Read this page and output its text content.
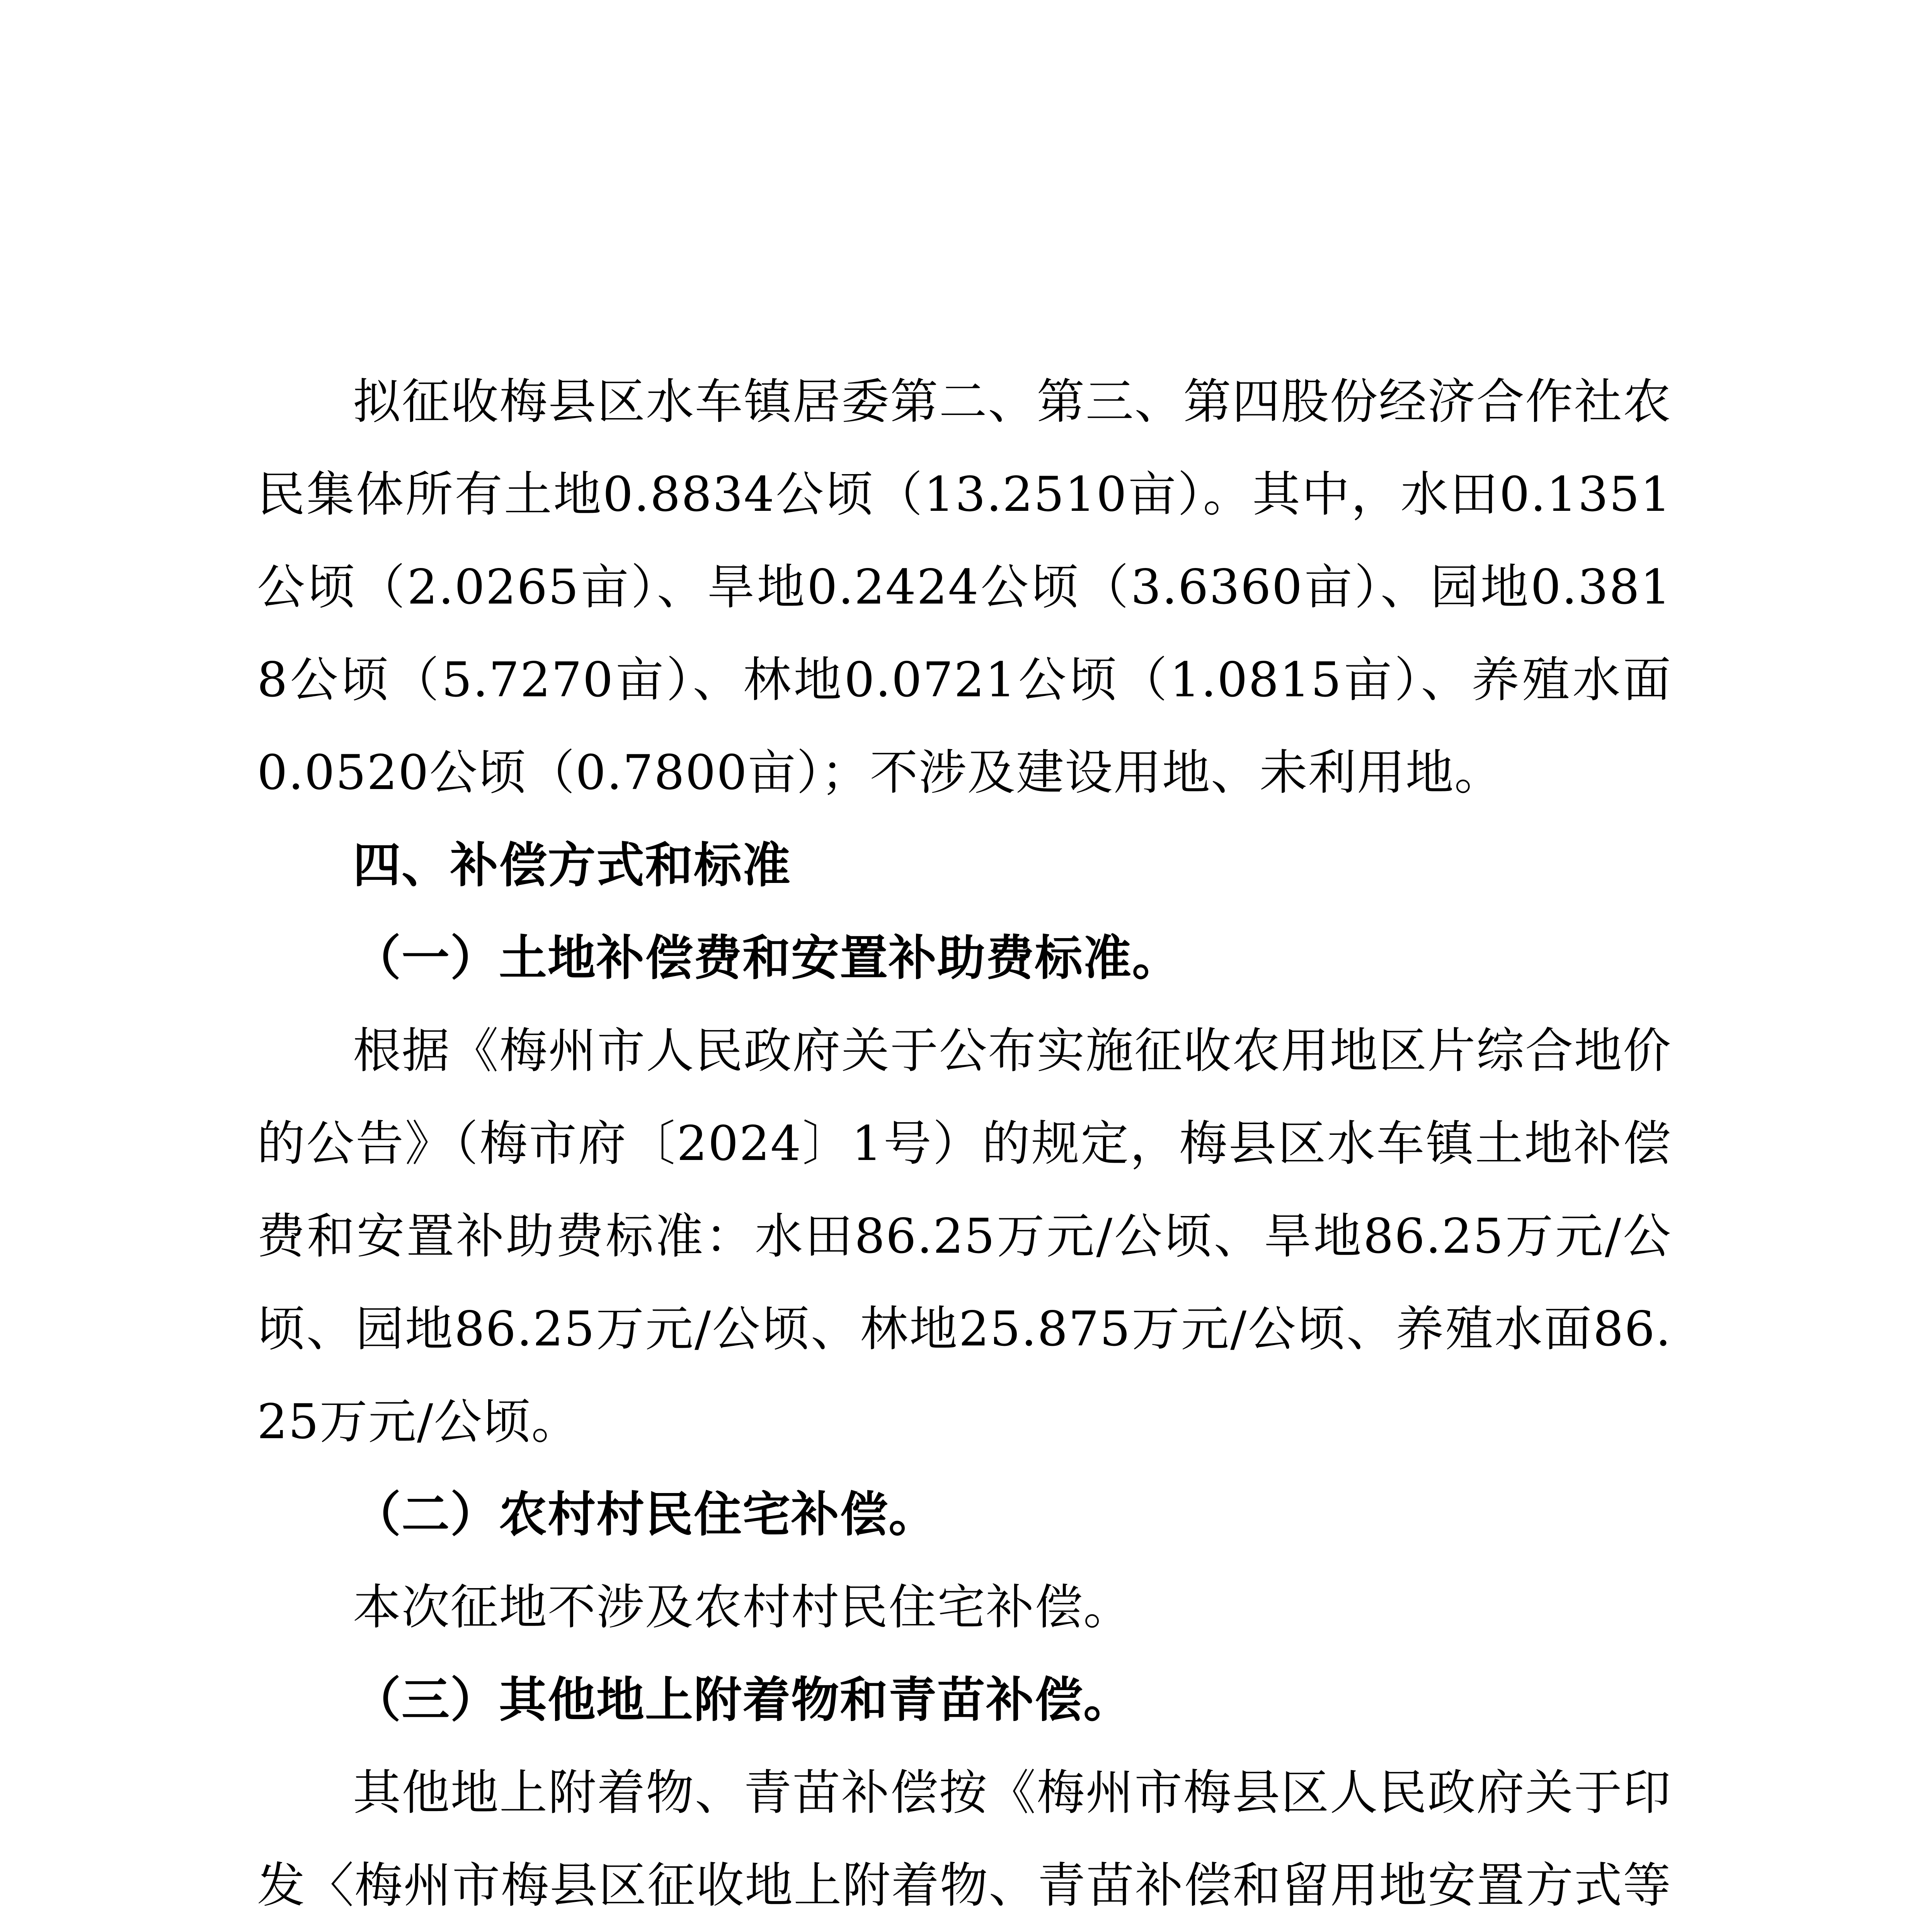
拟征收梅县区水车镇居委第二、第三、第四股份经济合作社农民集体所有土地0.8834公顷（13.2510亩）。其中，水田0.1351公顷（2.0265亩）、旱地0.2424公顷（3.6360亩）、园地0.3818公顷（5.7270亩）、林地0.0721公顷（1.0815亩）、养殖水面0.0520公顷（0.7800亩）；不涉及建设用地、未利用地。

四、补偿方式和标准

（一）土地补偿费和安置补助费标准。

根据《梅州市人民政府关于公布实施征收农用地区片综合地价的公告》（梅市府〔2024〕1号）的规定，梅县区水车镇土地补偿费和安置补助费标准：水田86.25万元/公顷、旱地86.25万元/公顷、园地86.25万元/公顷、林地25.875万元/公顷、养殖水面86.25万元/公顷。

（二）农村村民住宅补偿。

本次征地不涉及农村村民住宅补偿。

（三）其他地上附着物和青苗补偿。

其他地上附着物、青苗补偿按《梅州市梅县区人民政府关于印发〈梅州市梅县区征收地上附着物、青苗补偿和留用地安置方式等
